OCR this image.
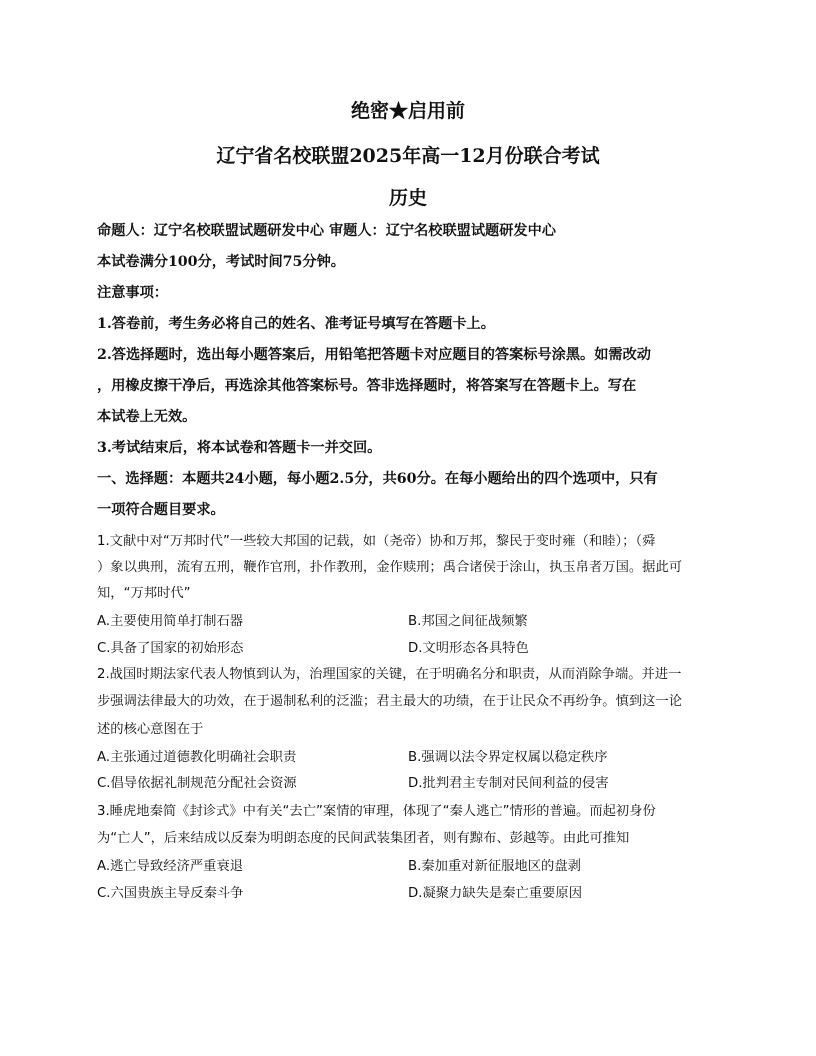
绝密★启用前
辽宁省名校联盟2025年高一12月份联合考试
历史
命题人：辽宁名校联盟试题研发中心 审题人：辽宁名校联盟试题研发中心
本试卷满分100分，考试时间75分钟。
注意事项：
1.答卷前，考生务必将自己的姓名、准考证号填写在答题卡上。
2.答选择题时，选出每小题答案后，用铅笔把答题卡对应题目的答案标号涂黑。如需改动
，用橡皮擦干净后，再选涂其他答案标号。答非选择题时，将答案写在答题卡上。写在
本试卷上无效。
3.考试结束后，将本试卷和答题卡一并交回。
一、选择题：本题共24小题，每小题2.5分，共60分。在每小题给出的四个选项中，只有
一项符合题目要求。
1.文献中对“万邦时代”一些较大邦国的记载，如（尧帝）协和万邦，黎民于变时雍（和睦）；（舜
）象以典刑，流宥五刑，鞭作官刑，扑作教刑，金作赎刑；禹合诸侯于涂山，执玉帛者万国。据此可
知，“万邦时代”
A.主要使用简单打制石器	B.邦国之间征战频繁
C.具备了国家的初始形态	D.文明形态各具特色
2.战国时期法家代表人物慎到认为，治理国家的关键，在于明确名分和职责，从而消除争端。并进一
步强调法律最大的功效，在于遏制私利的泛滥；君主最大的功绩，在于让民众不再纷争。慎到这一论
述的核心意图在于
A.主张通过道德教化明确社会职责	B.强调以法令界定权属以稳定秩序
C.倡导依据礼制规范分配社会资源	D.批判君主专制对民间利益的侵害
3.睡虎地秦简《封诊式》中有关“去亡”案情的审理，体现了“秦人逃亡”情形的普遍。而起初身份
为“亡人”，后来结成以反秦为明朗态度的民间武装集团者，则有黥布、彭越等。由此可推知
A.逃亡导致经济严重衰退	B.秦加重对新征服地区的盘剥
C.六国贵族主导反秦斗争	D.凝聚力缺失是秦亡重要原因
